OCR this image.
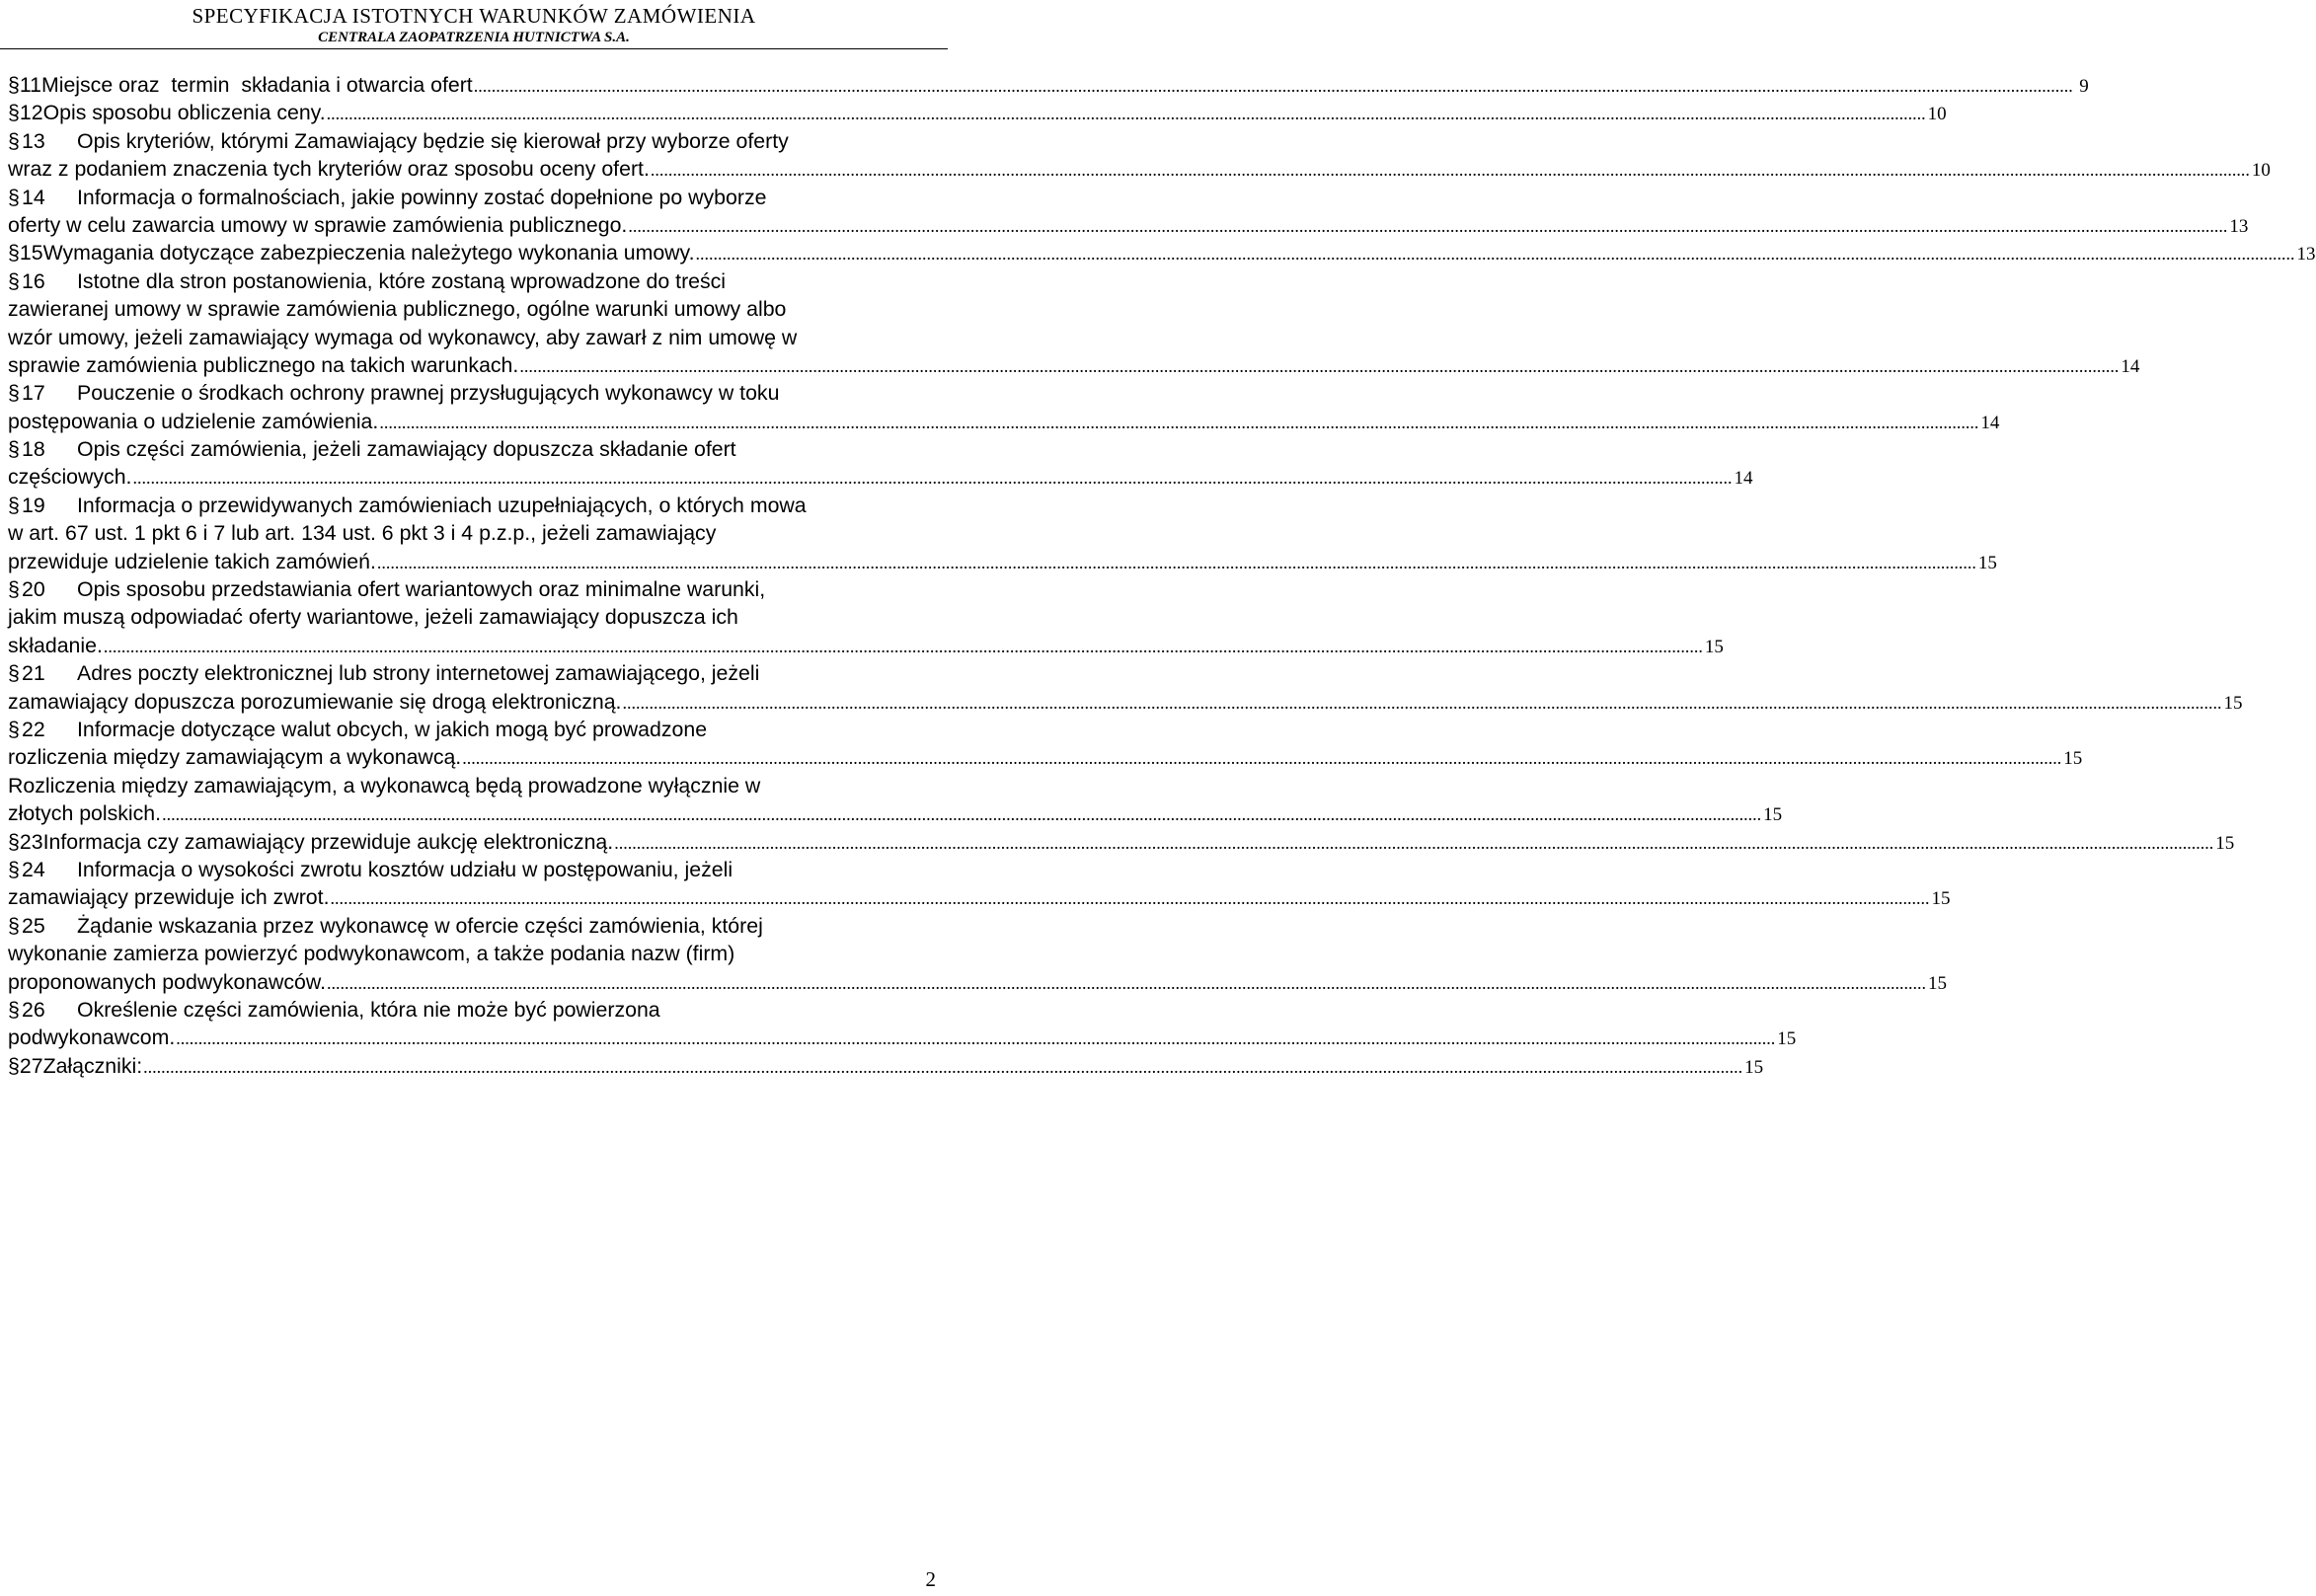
SPECYFIKACJA ISTOTNYCH WARUNKÓW ZAMÓWIENIA
CENTRALA ZAOPATRZENIA HUTNICTWA S.A.
§ 11 Miejsce oraz  termin  składania i otwarcia ofert .....	9
§ 12 Opis sposobu obliczenia ceny. .....	10
§ 13	Opis kryteriów, którymi Zamawiający będzie się kierował przy wyborze oferty
wraz z podaniem znaczenia tych kryteriów oraz sposobu oceny ofert. .....	10
§ 14	Informacja o formalnościach, jakie powinny zostać dopełnione po wyborze
oferty w celu zawarcia umowy w sprawie zamówienia publicznego. .....	13
§ 15 Wymagania dotyczące zabezpieczenia należytego wykonania umowy. .....	13
§ 16	Istotne dla stron postanowienia, które zostaną wprowadzone do treści
zawieranej umowy w sprawie zamówienia publicznego, ogólne warunki umowy albo
wzór umowy, jeżeli zamawiający wymaga od wykonawcy, aby zawarł z nim umowę w
sprawie zamówienia publicznego na takich warunkach. .....	14
§ 17	Pouczenie o środkach ochrony prawnej przysługujących wykonawcy w toku
postępowania o udzielenie zamówienia. .....	14
§ 18	Opis części zamówienia, jeżeli zamawiający dopuszcza składanie ofert
częściowych. .....	14
§ 19	Informacja o przewidywanych zamówieniach uzupełniających, o których mowa
w art. 67 ust. 1 pkt 6 i 7 lub art. 134 ust. 6 pkt 3 i 4 p.z.p., jeżeli zamawiający
przewiduje udzielenie takich zamówień. .....	15
§ 20	Opis sposobu przedstawiania ofert wariantowych oraz minimalne warunki,
jakim muszą odpowiadać oferty wariantowe, jeżeli zamawiający dopuszcza ich
składanie. .....	15
§ 21	Adres poczty elektronicznej lub strony internetowej zamawiającego, jeżeli
zamawiający dopuszcza porozumiewanie się drogą elektroniczną. .....	15
§ 22	Informacje dotyczące walut obcych, w jakich mogą być prowadzone
rozliczenia między zamawiającym a wykonawcą. .....	15
Rozliczenia między zamawiającym, a wykonawcą będą prowadzone wyłącznie w
złotych polskich. .....	15
§ 23 Informacja czy zamawiający przewiduje aukcję elektroniczną. .....	15
§ 24	Informacja o wysokości zwrotu kosztów udziału w postępowaniu, jeżeli
zamawiający przewiduje ich zwrot. .....	15
§ 25	Żądanie wskazania przez wykonawcę w ofercie części zamówienia, której
wykonanie zamierza powierzyć podwykonawcom, a także podania nazw (firm)
proponowanych podwykonawców. .....	15
§ 26	Określenie części zamówienia, która nie może być powierzona
podwykonawcom. .....	15
§ 27 Załączniki: .....	15
2
